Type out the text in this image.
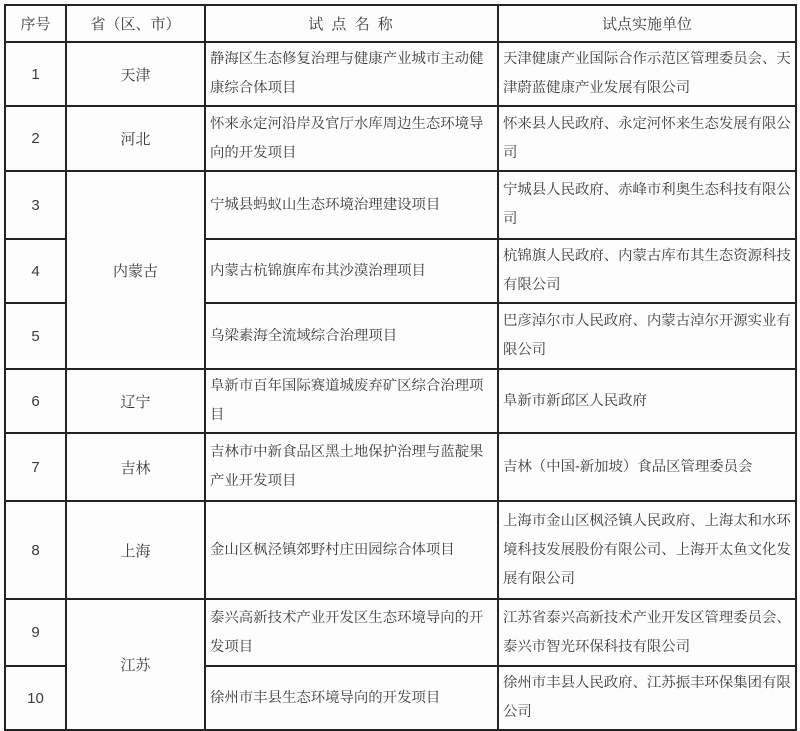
序号	省（区、市）	试 点 名 称	试点实施单位
1	天津	静海区生态修复治理与健康产业城市主动健康综合体项目	天津健康产业国际合作示范区管理委员会、天津蔚蓝健康产业发展有限公司
2	河北	怀来永定河沿岸及官厅水库周边生态环境导向的开发项目	怀来县人民政府、永定河怀来生态发展有限公司
3	内蒙古	宁城县蚂蚁山生态环境治理建设项目	宁城县人民政府、赤峰市利奥生态科技有限公司
4		内蒙古杭锦旗库布其沙漠治理项目	杭锦旗人民政府、内蒙古库布其生态资源科技有限公司
5		乌梁素海全流域综合治理项目	巴彦淖尔市人民政府、内蒙古淖尔开源实业有限公司
6	辽宁	阜新市百年国际赛道城废弃矿区综合治理项目	阜新市新邱区人民政府
7	吉林	吉林市中新食品区黑土地保护治理与蓝靛果产业开发项目	吉林（中国-新加坡）食品区管理委员会
8	上海	金山区枫泾镇郊野村庄田园综合体项目	上海市金山区枫泾镇人民政府、上海太和水环境科技发展股份有限公司、上海开太鱼文化发展有限公司
9	江苏	泰兴高新技术产业开发区生态环境导向的开发项目	江苏省泰兴高新技术产业开发区管理委员会、泰兴市智光环保科技有限公司
10		徐州市丰县生态环境导向的开发项目	徐州市丰县人民政府、江苏振丰环保集团有限公司
